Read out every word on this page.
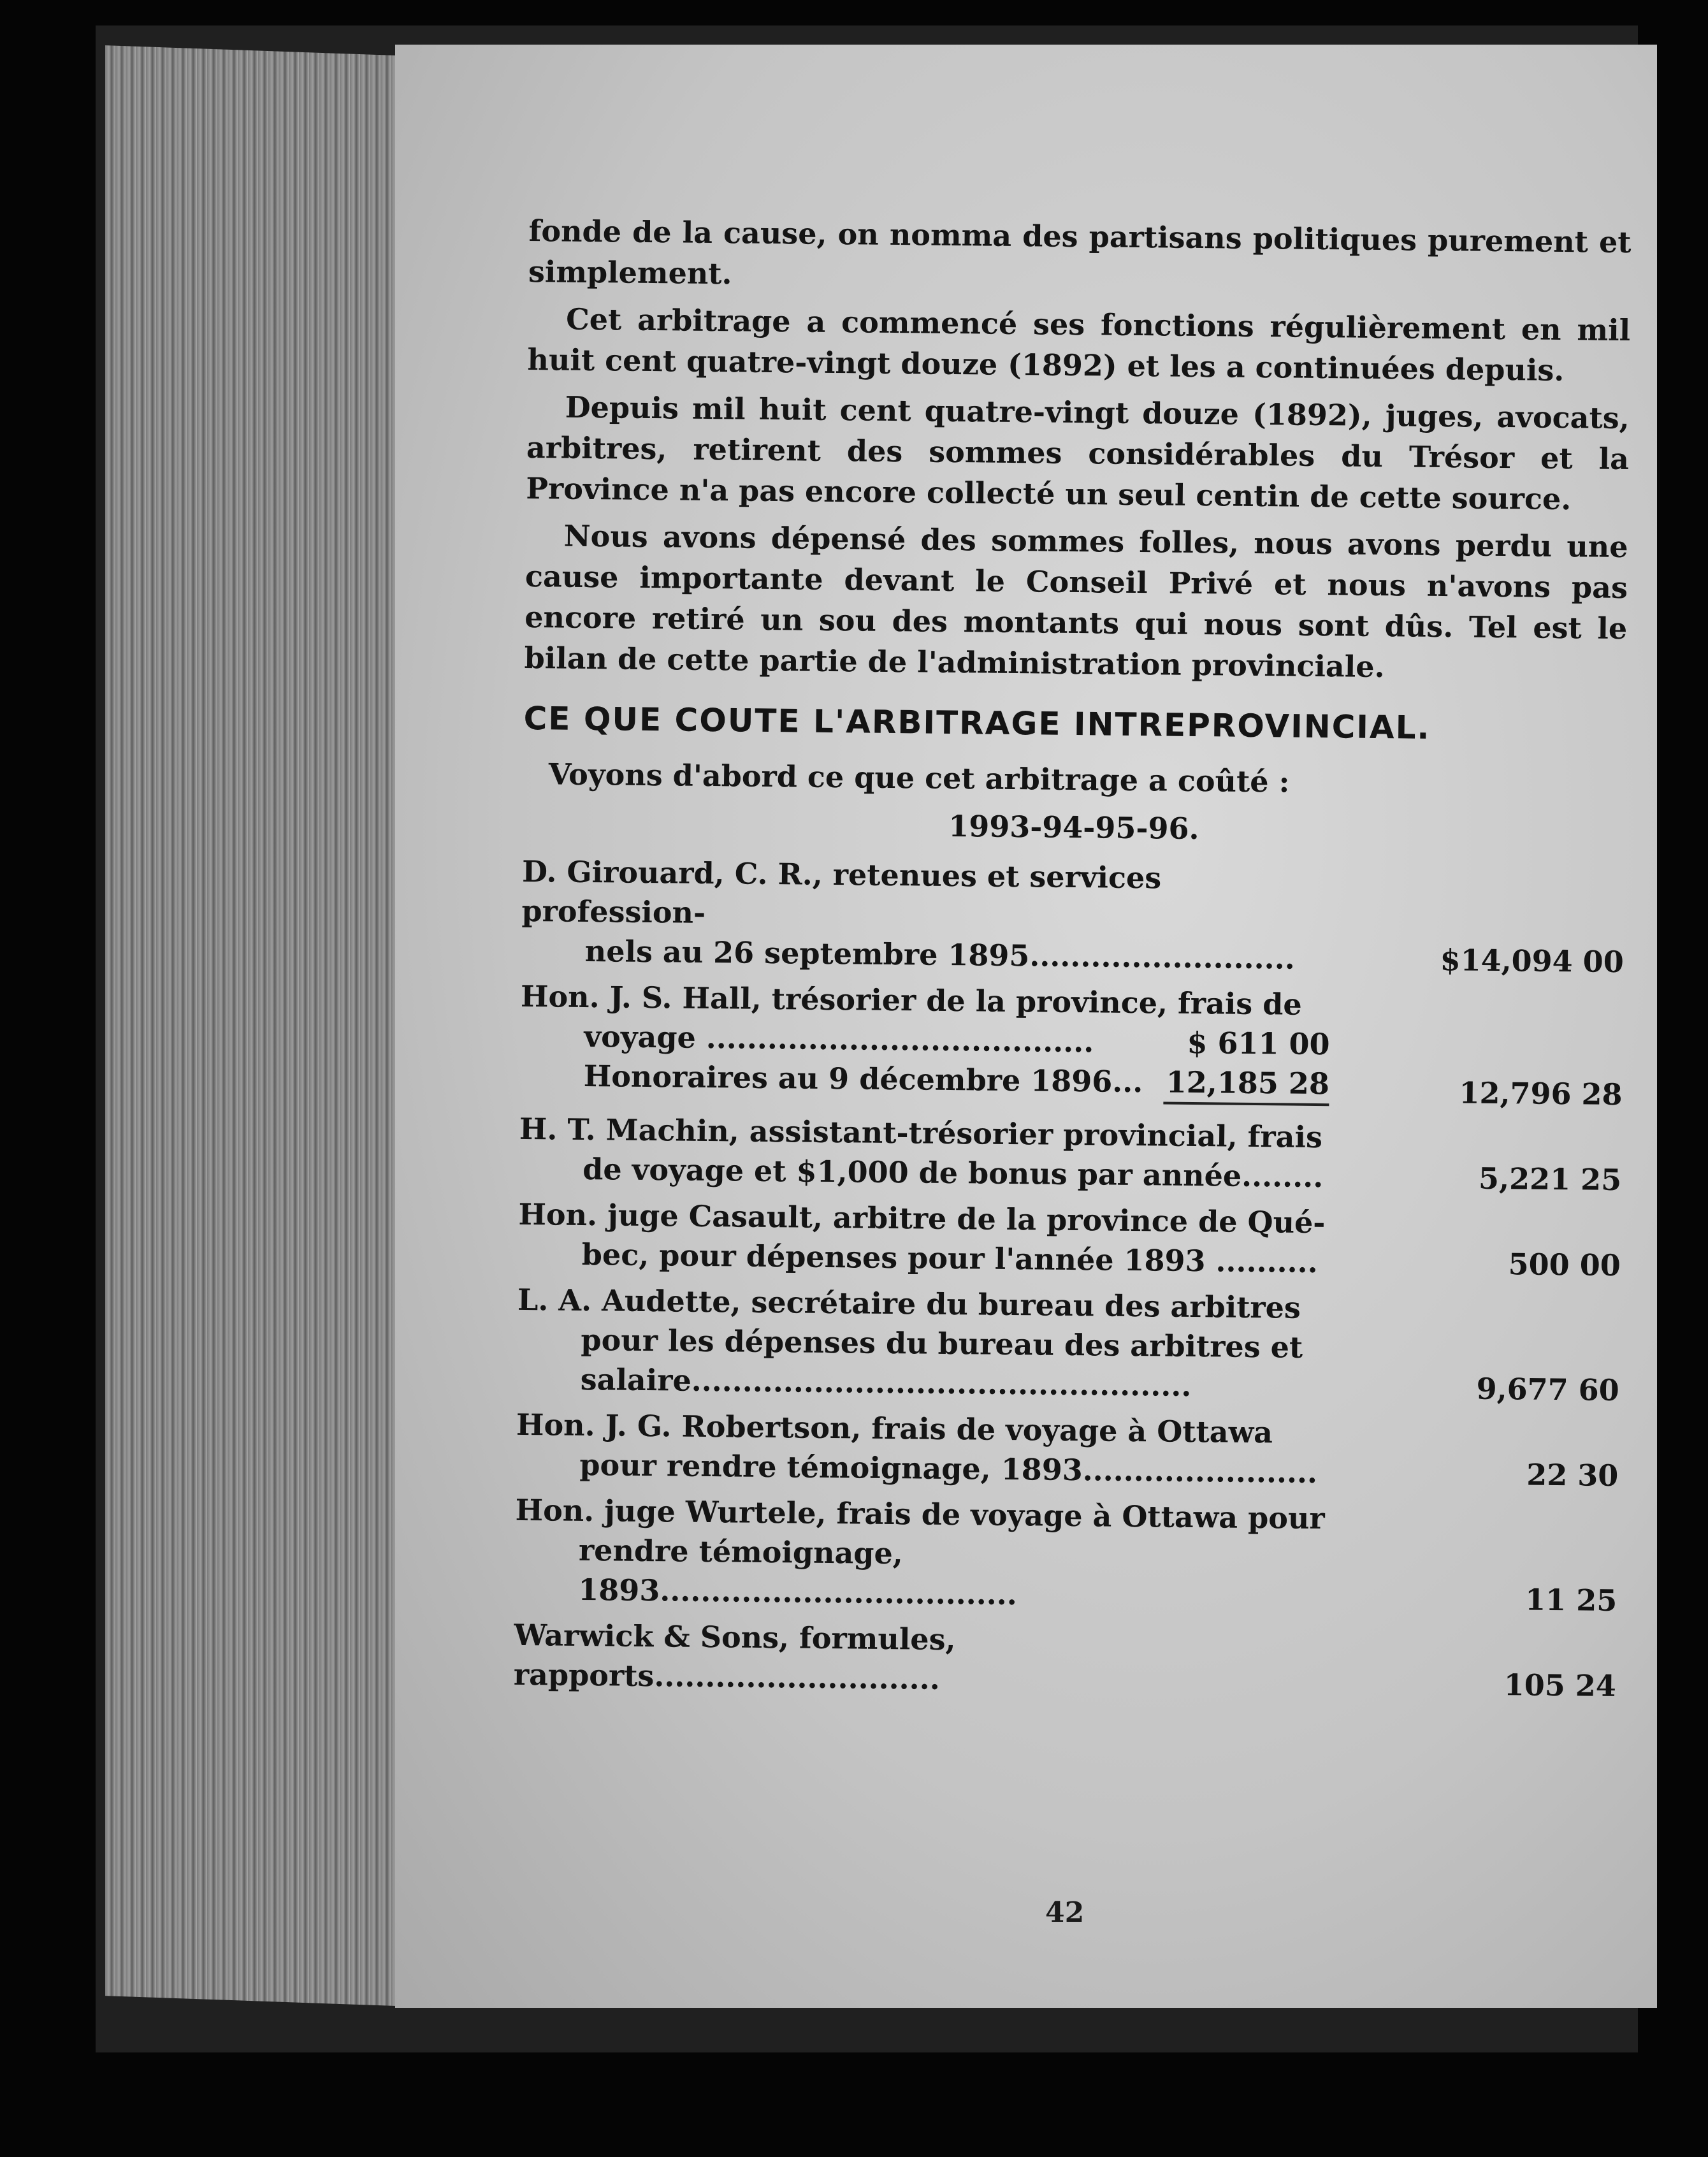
fonde de la cause, on nomma des partisans politiques purement et simplement.

Cet arbitrage a commencé ses fonctions régulièrement en mil huit cent quatre-vingt douze (1892) et les a continuées depuis.

Depuis mil huit cent quatre-vingt douze (1892), juges, avocats, arbitres, retirent des sommes considérables du Trésor et la Province n'a pas encore collecté un seul centin de cette source.

Nous avons dépensé des sommes folles, nous avons perdu une cause importante devant le Conseil Privé et nous n'avons pas encore retiré un sou des montants qui nous sont dûs. Tel est le bilan de cette partie de l'administration provinciale.

CE QUE COUTE L'ARBITRAGE INTREPROVINCIAL.
Voyons d'abord ce que cet arbitrage a coûté :
1993-94-95-96.
D. Girouard, C. R., retenues et services profession-
nels au 26 septembre 1895..........................	$14,094 00

Hon. J. S. Hall, trésorier de la province, frais de
voyage ...................................... $ 611 00
Honoraires au 9 décembre 1896... 12,185 28	12,796 28

H. T. Machin, assistant-trésorier provincial, frais
de voyage et $1,000 de bonus par année........	5,221 25

Hon. juge Casault, arbitre de la province de Qué-
bec, pour dépenses pour l'année 1893 ..........	500 00

L. A. Audette, secrétaire du bureau des arbitres
pour les dépenses du bureau des arbitres et salaire.................................................	9,677 60

Hon. J. G. Robertson, frais de voyage à Ottawa
pour rendre témoignage, 1893.......................	22 30

Hon. juge Wurtele, frais de voyage à Ottawa pour
rendre témoignage, 1893...................................	11 25

Warwick & Sons, formules, rapports............................	105 24
42
